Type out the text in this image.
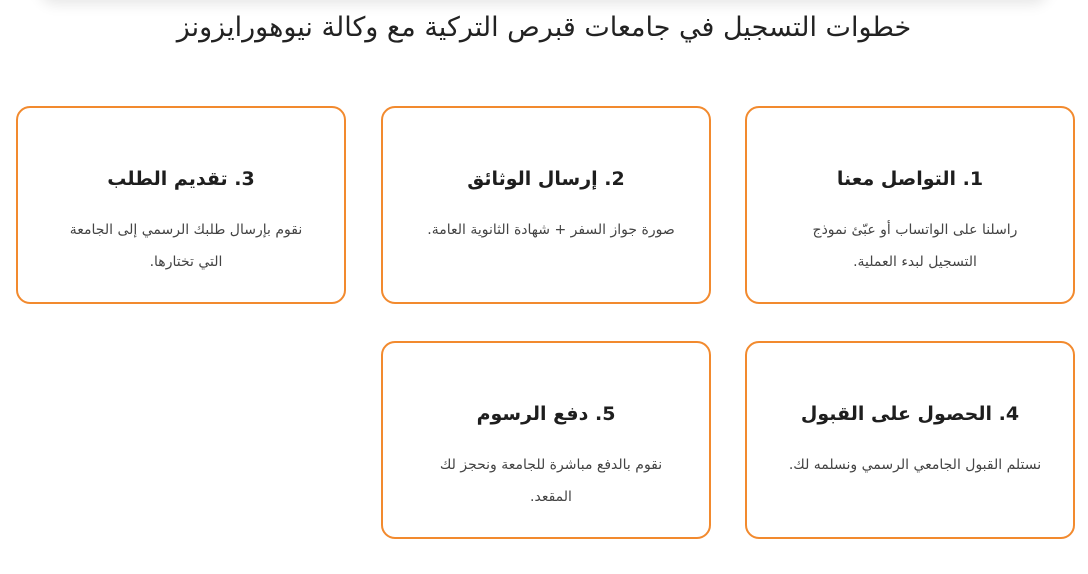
خطوات التسجيل في جامعات قبرص التركية مع وكالة نيوهورايزونز
1. التواصل معنا

راسلنا على الواتساب أو عبّئ نموذج التسجيل لبدء العملية.

2. إرسال الوثائق

صورة جواز السفر + شهادة الثانوية العامة.

3. تقديم الطلب

نقوم بإرسال طلبك الرسمي إلى الجامعة التي تختارها.

4. الحصول على القبول

نستلم القبول الجامعي الرسمي ونسلمه لك.

5. دفع الرسوم

نقوم بالدفع مباشرة للجامعة ونحجز لك المقعد.
